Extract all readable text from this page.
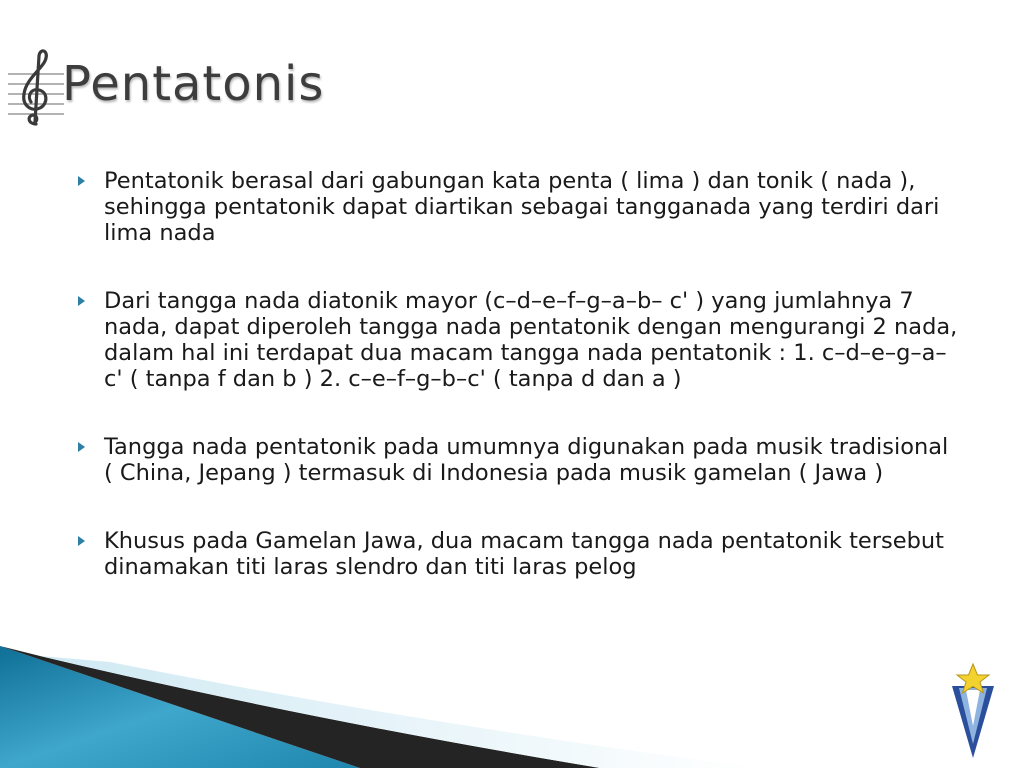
Pentatonis
Pentatonik berasal dari gabungan kata penta ( lima ) dan tonik ( nada ), sehingga pentatonik dapat diartikan sebagai tangganada yang terdiri dari lima nada
Dari tangga nada diatonik mayor (c–d–e–f–g–a–b– c' ) yang jumlahnya 7 nada, dapat diperoleh tangga nada pentatonik dengan mengurangi 2 nada, dalam hal ini terdapat dua macam tangga nada pentatonik : 1. c–d–e–g–a–c' ( tanpa f dan b ) 2. c–e–f–g–b–c' ( tanpa d dan a )
Tangga nada pentatonik pada umumnya digunakan pada musik tradisional ( China, Jepang ) termasuk di Indonesia pada musik gamelan ( Jawa )
Khusus pada Gamelan Jawa, dua macam tangga nada pentatonik tersebut dinamakan titi laras slendro dan titi laras pelog
